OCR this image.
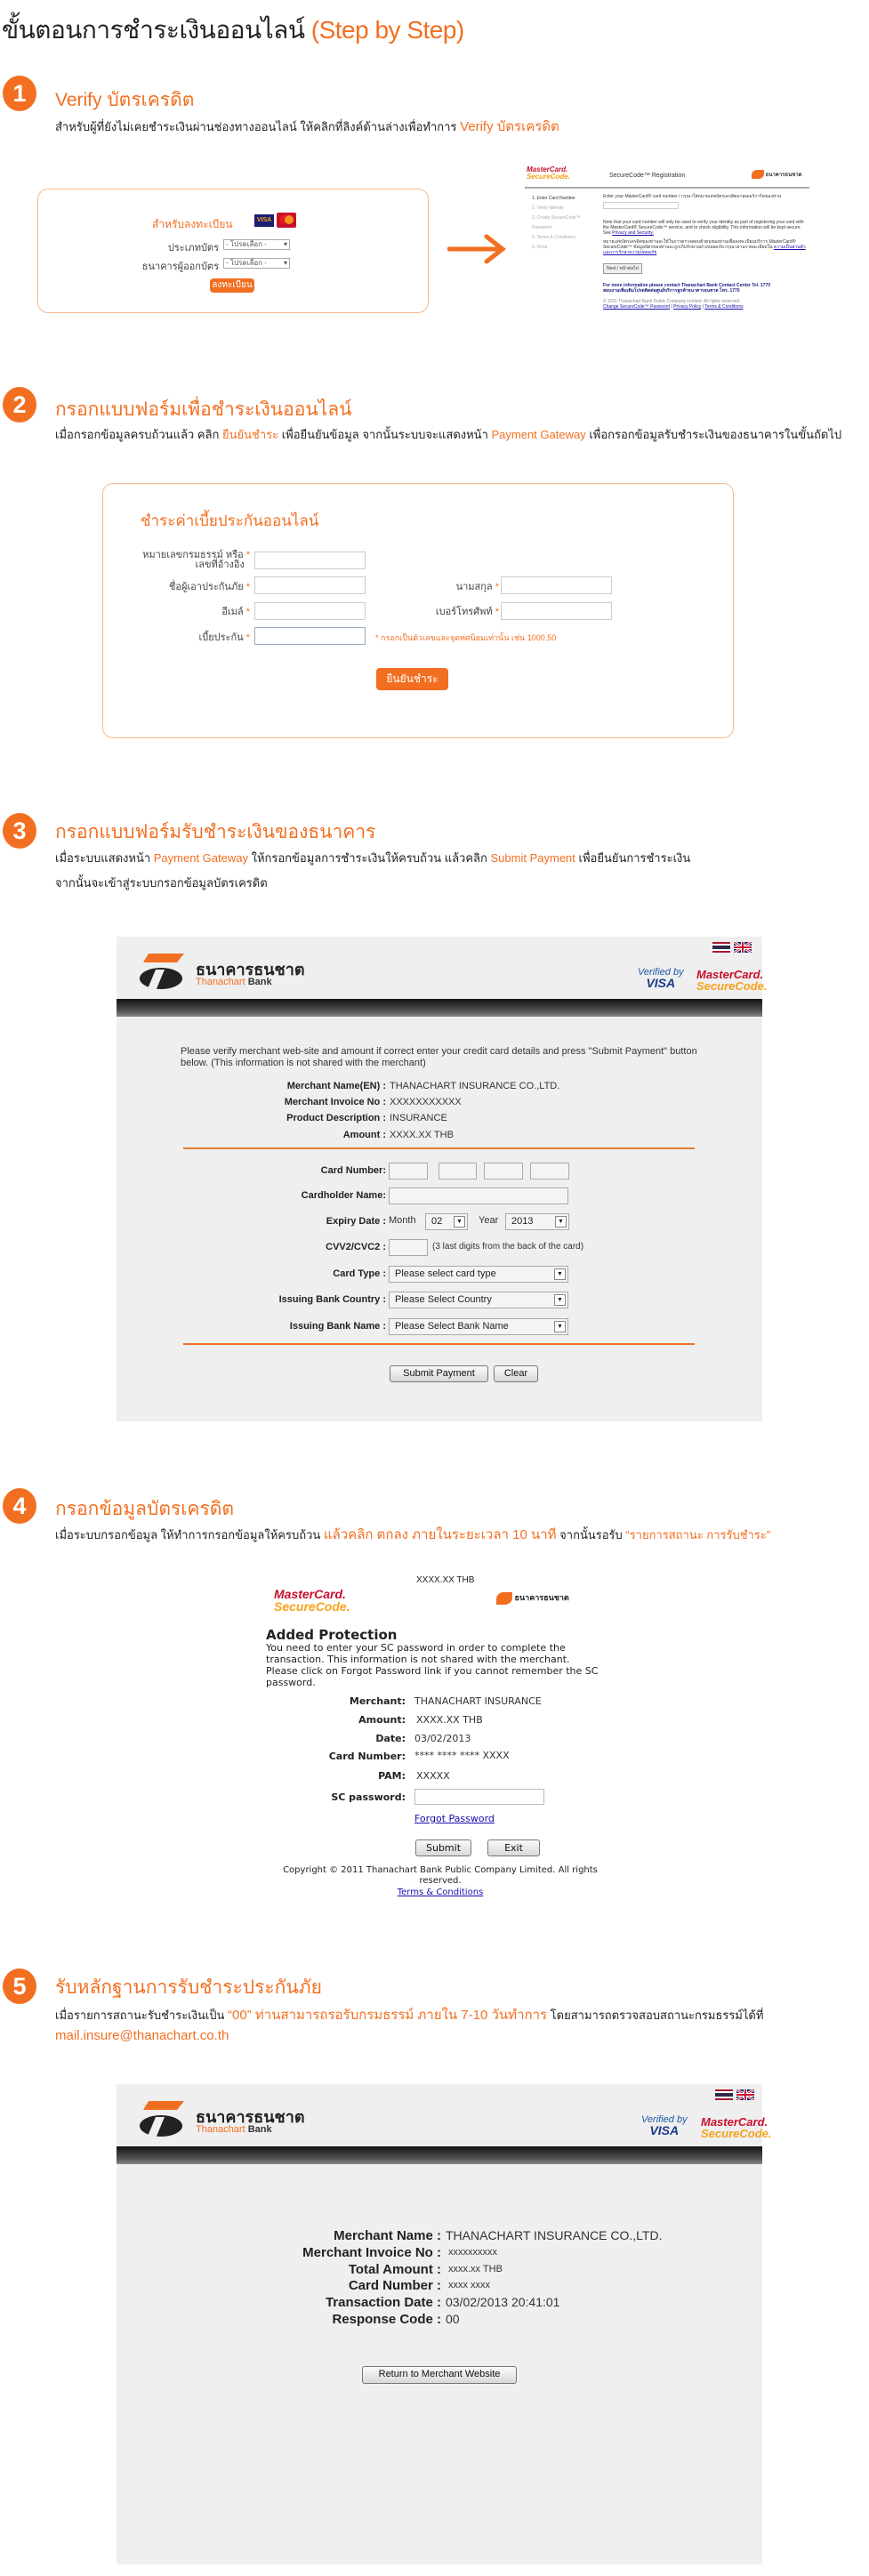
ขั้นตอนการชำระเงินออนไลน์ (Step by Step)
1	Verify บัตรเครดิต
สำหรับผู้ที่ยังไม่เคยชำระเงินผ่านช่องทางออนไลน์ ให้คลิกที่ลิงค์ด้านล่างเพื่อทำการ Verify บัตรเครดิต
สำหรับลงทะเบียน	VISA
ประเภทบัตร	- โปรดเลือก - ▾
ธนาคารผู้ออกบัตร	- โปรดเลือก - ▾
ลงทะเบียน
MasterCard.
SecureCode.	SecureCode™ Registration	ธนาคารธนชาต
1. Enter Card Number
2. Verify Identity
3. Create SecureCode™ Password
4. Terms & Conditions
5. Done
Enter your MasterCard® card number / กรุณาใส่หมายเลขบัตรเครดิตมาสเตอร์การ์ดของท่าน
Note that your card number will only be used to verify your identity as part of registering your card with the MasterCard® SecureCode™ service, and to check eligibility. This information will be kept secure. See Privacy and Security.
หมายเลขบัตรเครดิตของท่านจะใช้ในการตรวจสอบตัวตนของท่านเพื่อลงทะเบียนบริการ MasterCard® SecureCode™ ข้อมูลบัตรของท่านจะถูกเก็บรักษาอย่างปลอดภัย กรุณาอ่านรายละเอียดใน ความเป็นส่วนตัว และการรักษาความปลอดภัย
Next / หน้าต่อไป
For more information please contact Thanachart Bank Contact Center Tel. 1770
สอบถามเพิ่มเติมโปรดติดต่อศูนย์บริการลูกค้าธนาคารธนชาต โทร. 1770
© 2011 Thanachart Bank Public Company Limited. All rights reserved.
Change SecureCode™ Password | Privacy Policy | Terms & Conditions
2	กรอกแบบฟอร์มเพื่อชำระเงินออนไลน์
เมื่อกรอกข้อมูลครบถ้วนแล้ว คลิก ยืนยันชำระ เพื่อยืนยันข้อมูล จากนั้นระบบจะแสดงหน้า Payment Gateway เพื่อกรอกข้อมูลรับชำระเงินของธนาคารในขั้นถัดไป
ชำระค่าเบี้ยประกันออนไลน์
หมายเลขกรมธรรม์ หรือ *
เลขที่อ้างอิง
ชื่อผู้เอาประกันภัย *	นามสกุล *
อีเมล์ *	เบอร์โทรศัพท์ *
เบี้ยประกัน *	* กรอกเป็นตัวเลขและจุดทศนิยมเท่านั้น เช่น 1000.50
ยืนยันชำระ
3	กรอกแบบฟอร์มรับชำระเงินของธนาคาร
เมื่อระบบแสดงหน้า Payment Gateway ให้กรอกข้อมูลการชำระเงินให้ครบถ้วน แล้วคลิก Submit Payment เพื่อยืนยันการชำระเงิน
จากนั้นจะเข้าสู่ระบบกรอกข้อมูลบัตรเครดิต
ธนาคารธนชาต
Thanachart Bank
Verified by
VISA
MasterCard.
SecureCode.
Please verify merchant web-site and amount if correct enter your credit card details and press "Submit Payment" button below. (This information is not shared with the merchant)
Merchant Name(EN) : THANACHART INSURANCE CO.,LTD.
Merchant Invoice No : XXXXXXXXXXX
Product Description : INSURANCE
Amount : XXXX.XX THB
Card Number:
Cardholder Name:
Expiry Date : Month	02	▼ Year	2013	▼
CVV2/CVC2 :	(3 last digits from the back of the card)
Card Type : Please select card type	▼
Issuing Bank Country : Please Select Country	▼
Issuing Bank Name : Please Select Bank Name	▼
Submit Payment	Clear
4	กรอกข้อมูลบัตรเครดิต
เมื่อระบบกรอกข้อมูล ให้ทำการกรอกข้อมูลให้ครบถ้วน แล้วคลิก ตกลง ภายในระยะเวลา 10 นาที จากนั้นรอรับ “รายการสถานะ การรับชำระ”
XXXX.XX THB
MasterCard.
SecureCode.
ธนาคารธนชาต
Added Protection
You need to enter your SC password in order to complete the transaction. This information is not shared with the merchant. Please click on Forgot Password link if you cannot remember the SC password.
Merchant: THANACHART INSURANCE
Amount: XXXX.XX THB
Date: 03/02/2013
Card Number: **** **** **** XXXX
PAM: XXXXX
SC password:
Forgot Password
Submit	Exit
Copyright © 2011 Thanachart Bank Public Company Limited. All rights reserved.
Terms & Conditions
5	รับหลักฐานการรับชำระประกันภัย
เมื่อรายการสถานะรับชำระเงินเป็น “00” ท่านสามารถรอรับกรมธรรม์ ภายใน 7-10 วันทำการ โดยสามารถตรวจสอบสถานะกรมธรรม์ได้ที่
mail.insure@thanachart.co.th
ธนาคารธนชาต
Thanachart Bank
Verified by
VISA
MasterCard.
SecureCode.
Merchant Name : THANACHART INSURANCE CO.,LTD.
Merchant Invoice No : xxxxxxxxxx
Total Amount : xxxx.xx THB
Card Number : xxxx xxxx
Transaction Date : 03/02/2013 20:41:01
Response Code : 00
Return to Merchant Website
